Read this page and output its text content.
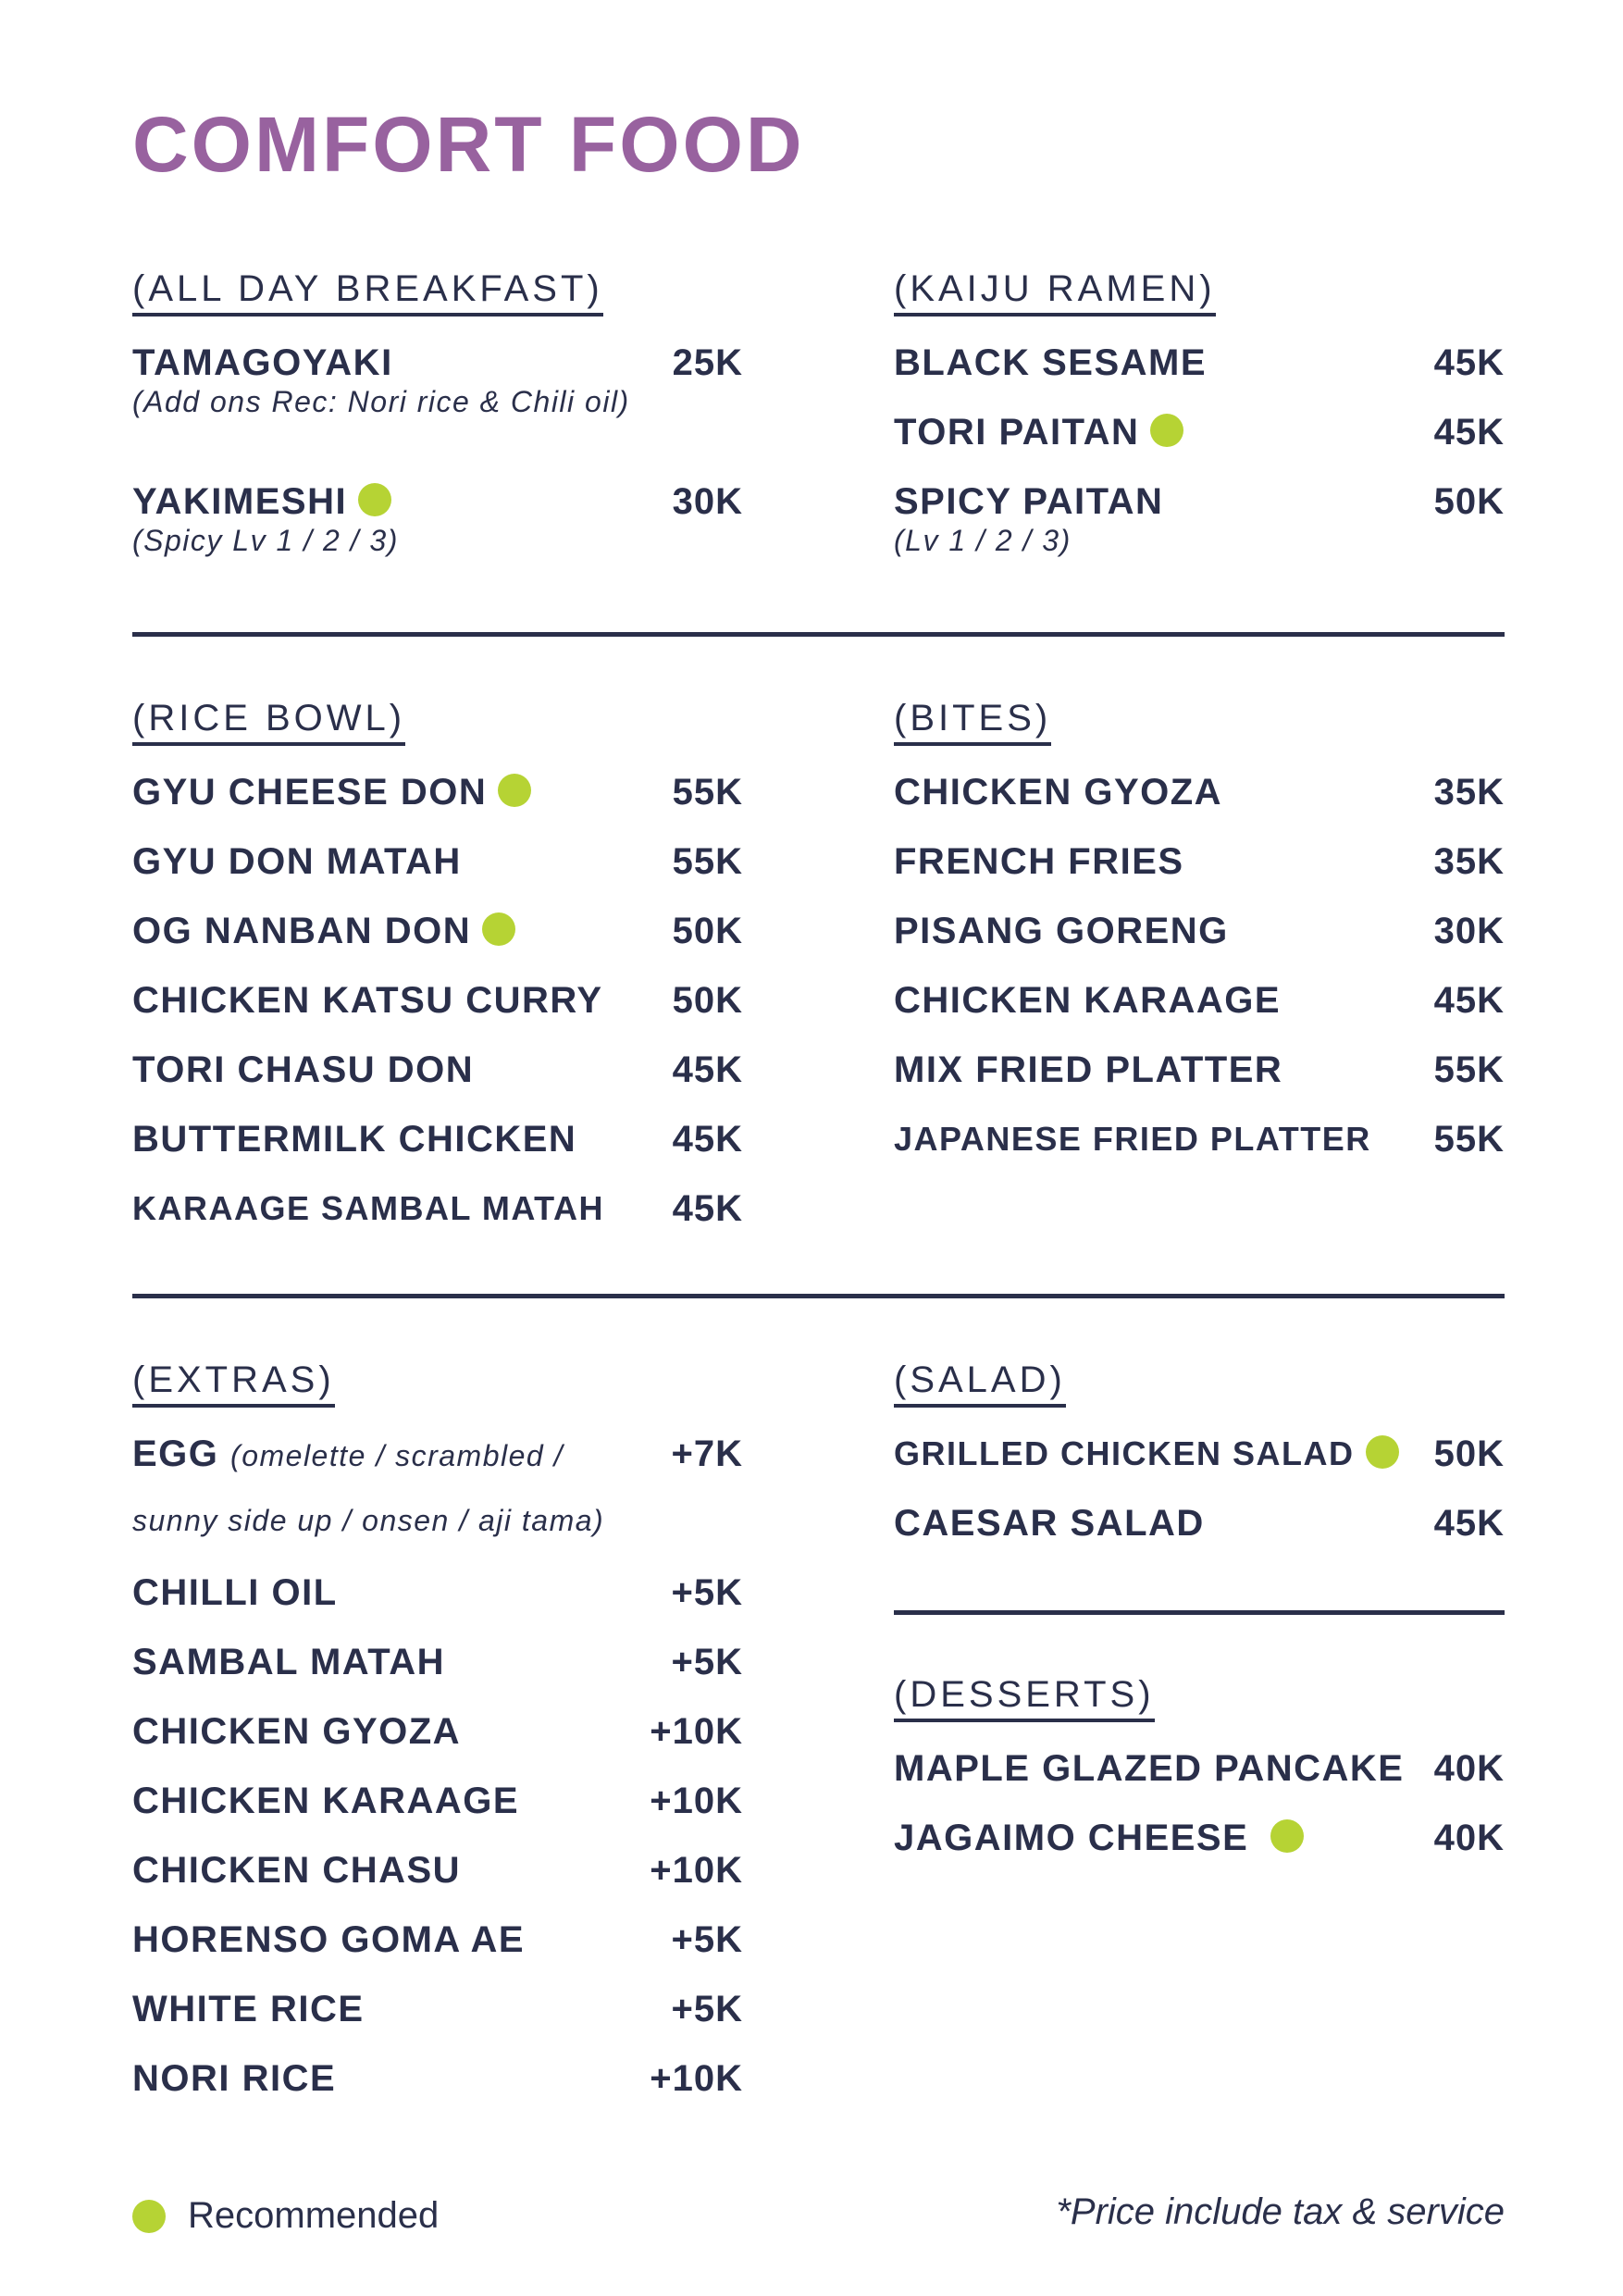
COMFORT FOOD
(ALL DAY BREAKFAST)
TAMAGOYAKI	25K
(Add ons Rec: Nori rice & Chili oil)
YAKIMESHI	30K
(Spicy Lv 1 / 2 / 3)
(KAIJU RAMEN)
BLACK SESAME	45K
TORI PAITAN	45K
SPICY PAITAN	50K
(Lv 1 / 2 / 3)
(RICE BOWL)
GYU CHEESE DON	55K
GYU DON MATAH	55K
OG NANBAN DON	50K
CHICKEN KATSU CURRY 50K
TORI CHASU DON	45K
BUTTERMILK CHICKEN	45K
KARAAGE SAMBAL MATAH 45K
(BITES)
CHICKEN GYOZA	35K
FRENCH FRIES	35K
PISANG GORENG	30K
CHICKEN KARAAGE	45K
MIX FRIED PLATTER	55K
JAPANESE FRIED PLATTER 55K
(EXTRAS)
EGG (omelette / scrambled /	+7K
sunny side up / onsen / aji tama)
CHILLI OIL	+5K
SAMBAL MATAH	+5K
CHICKEN GYOZA	+10K
CHICKEN KARAAGE	+10K
CHICKEN CHASU	+10K
HORENSO GOMA AE	+5K
WHITE RICE	+5K
NORI RICE	+10K
(SALAD)
GRILLED CHICKEN SALAD	50K
CAESAR SALAD	45K
(DESSERTS)
MAPLE GLAZED PANCAKE 40K
JAGAIMO CHEESE	40K
Recommended	*Price include tax & service
